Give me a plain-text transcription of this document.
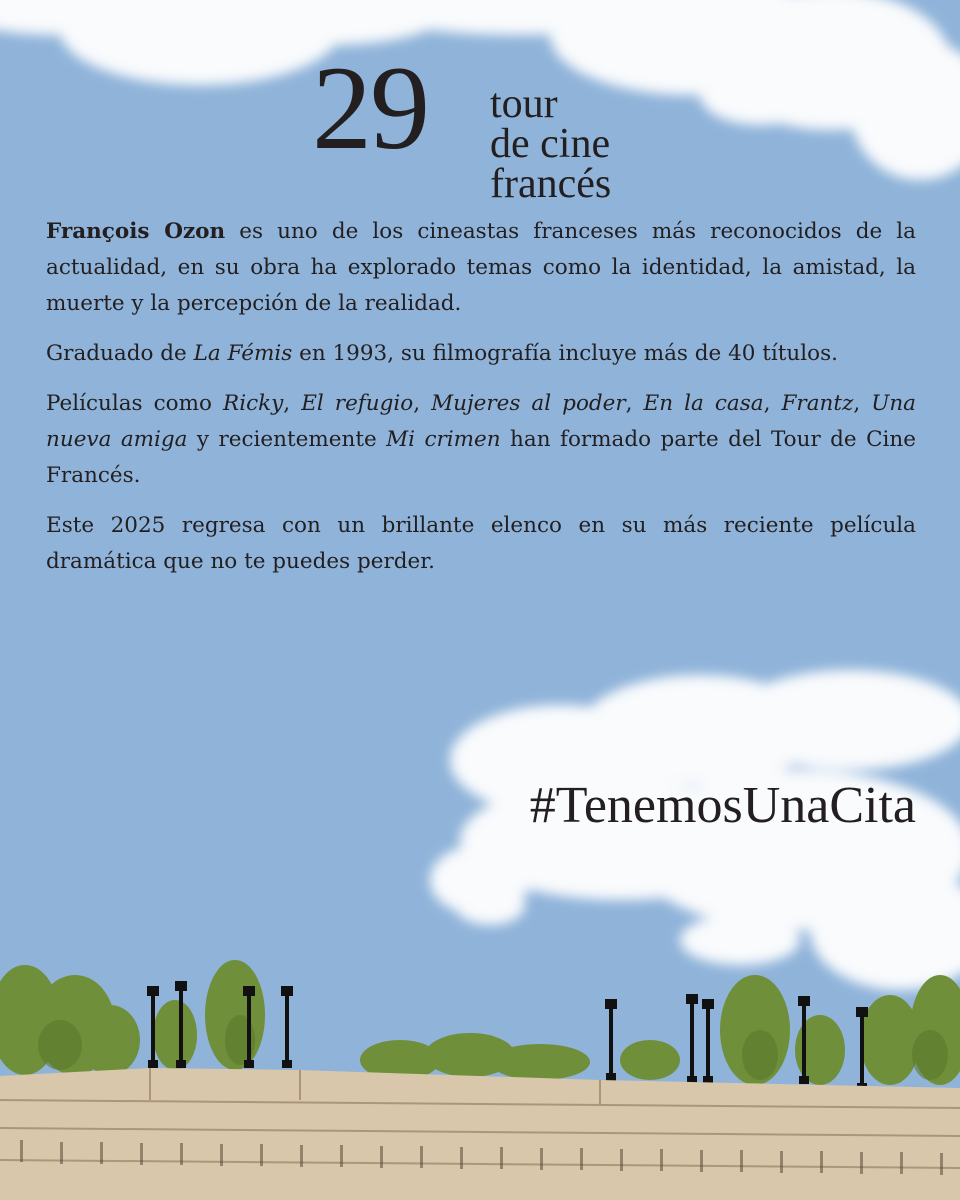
29 tour
de cine
francés

François Ozon es uno de los cineastas franceses más reconocidos de la actualidad, en su obra ha explorado temas como la identidad, la amistad, la muerte y la percepción de la realidad.

Graduado de La Fémis en 1993, su filmografía incluye más de 40 títulos.

Películas como Ricky, El refugio, Mujeres al poder, En la casa, Frantz, Una nueva amiga y recientemente Mi crimen han formado parte del Tour de Cine Francés.

Este 2025 regresa con un brillante elenco en su más reciente película dramática que no te puedes perder.

#TenemosUnaCita
